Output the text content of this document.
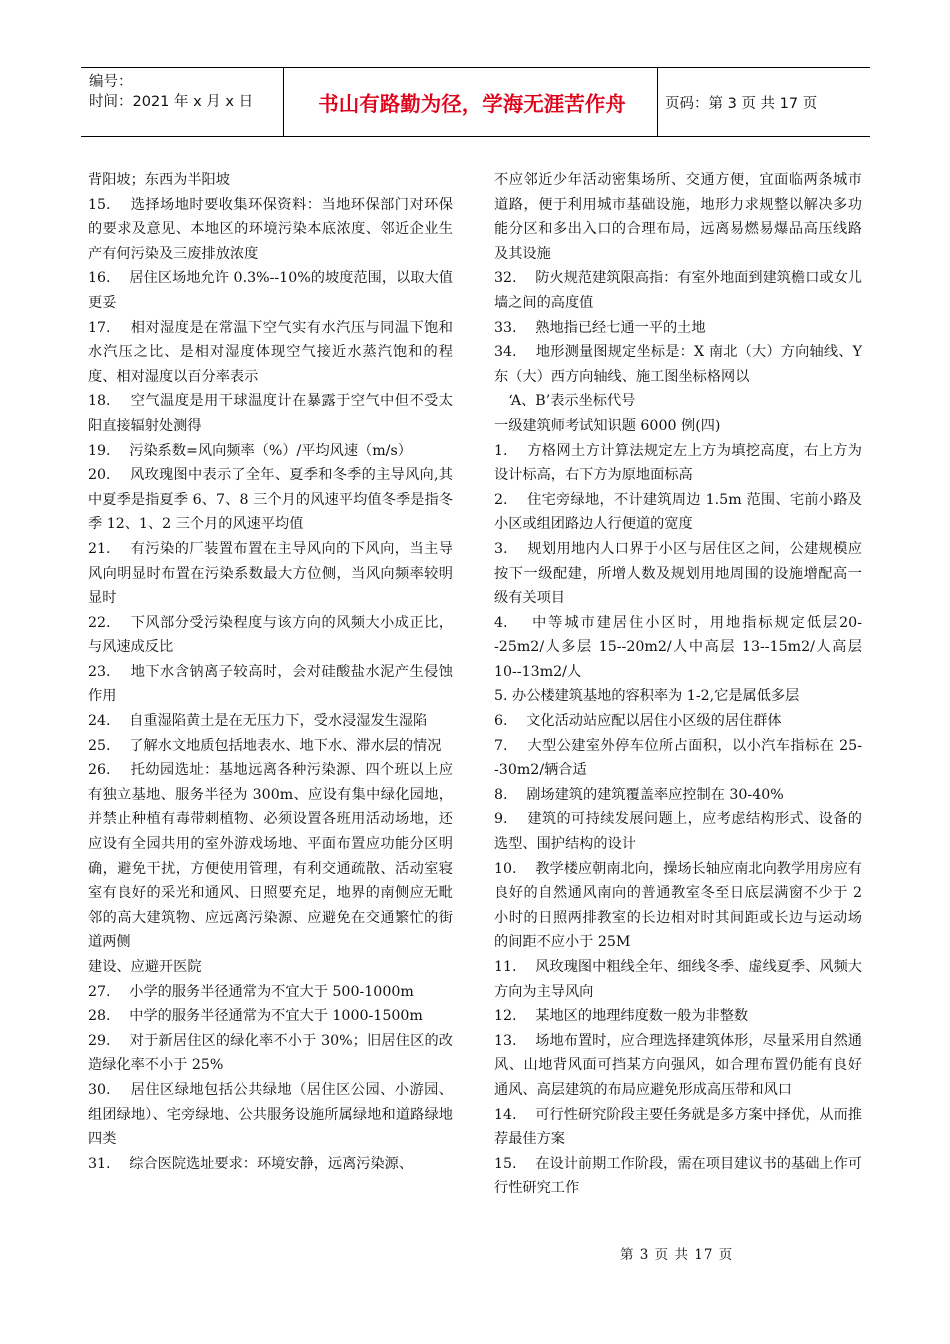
编号：
时间：2021 年 x 月 x 日	书山有路勤为径，学海无涯苦作舟	页码：第 3 页 共 17 页

背阳坡；东西为半阳坡

15.　 选择场地时要收集环保资料：当地环保部门对环保的要求及意见、本地区的环境污染本底浓度、邻近企业生产有何污染及三废排放浓度

16.　 居住区场地允许 0.3%--10%的坡度范围，以取大值更妥

17.　 相对湿度是在常温下空气实有水汽压与同温下饱和水汽压之比、是相对湿度体现空气接近水蒸汽饱和的程度、相对湿度以百分率表示

18.　 空气温度是用干球温度计在暴露于空气中但不受太阳直接辐射处测得

19.　 污染系数=风向频率（%）/平均风速（m/s）

20.　 风玫瑰图中表示了全年、夏季和冬季的主导风向,其中夏季是指夏季 6、7、8 三个月的风速平均值冬季是指冬季 12、1、2 三个月的风速平均值

21.　 有污染的厂装置布置在主导风向的下风向，当主导风向明显时布置在污染系数最大方位侧，当风向频率较明显时

22.　 下风部分受污染程度与该方向的风频大小成正比，与风速成反比

23.　 地下水含钠离子较高时，会对硅酸盐水泥产生侵蚀作用

24.　 自重湿陷黄土是在无压力下，受水浸湿发生湿陷

25.　 了解水文地质包括地表水、地下水、滞水层的情况

26.　 托幼园选址：基地远离各种污染源、四个班以上应有独立基地、服务半径为 300m、应设有集中绿化园地，并禁止种植有毒带刺植物、必须设置各班用活动场地，还应设有全园共用的室外游戏场地、平面布置应功能分区明确，避免干扰，方便使用管理，有利交通疏散、活动室寝室有良好的采光和通风、日照要充足，地界的南侧应无毗邻的高大建筑物、应远离污染源、应避免在交通繁忙的街道两侧

建设、应避开医院

27.　 小学的服务半径通常为不宜大于 500-1000m

28.　 中学的服务半径通常为不宜大于 1000-1500m

29.　 对于新居住区的绿化率不小于 30%；旧居住区的改造绿化率不小于 25%

30.　 居住区绿地包括公共绿地（居住区公园、小游园、组团绿地）、宅旁绿地、公共服务设施所属绿地和道路绿地四类

31.　 综合医院选址要求：环境安静，远离污染源、

不应邻近少年活动密集场所、交通方便，宜面临两条城市道路，便于利用城市基础设施，地形力求规整以解决多功能分区和多出入口的合理布局，远离易燃易爆品高压线路及其设施

32.　 防火规范建筑限高指：有室外地面到建筑檐口或女儿墙之间的高度值

33.　 熟地指已经七通一平的土地

34.　 地形测量图规定坐标是：X 南北（大）方向轴线、Y 东（大）西方向轴线、施工图坐标格网以

　‘A、B’表示坐标代号

一级建筑师考试知识题 6000 例(四)

1.　 方格网土方计算法规定左上方为填挖高度，右上方为设计标高，右下方为原地面标高

2.　 住宅旁绿地，不计建筑周边 1.5m 范围、宅前小路及小区或组团路边人行便道的宽度

3.　 规划用地内人口界于小区与居住区之间，公建规模应按下一级配建，所增人数及规划用地周围的设施增配高一级有关项目

4.　 中等城市建居住小区时，用地指标规定低层20--25m2/人多层 15--20m2/人中高层 13--15m2/人高层 10--13m2/人

5. 办公楼建筑基地的容积率为 1-2,它是属低多层

6.　 文化活动站应配以居住小区级的居住群体

7.　 大型公建室外停车位所占面积，以小汽车指标在 25--30m2/辆合适

8.　 剧场建筑的建筑覆盖率应控制在 30-40%

9.　 建筑的可持续发展问题上，应考虑结构形式、设备的选型、围护结构的设计

10.　 教学楼应朝南北向，操场长轴应南北向教学用房应有良好的自然通风南向的普通教室冬至日底层满窗不少于 2 小时的日照两排教室的长边相对时其间距或长边与运动场的间距不应小于 25M

11.　 风玫瑰图中粗线全年、细线冬季、虚线夏季、风频大方向为主导风向

12.　 某地区的地理纬度数一般为非整数

13.　 场地布置时，应合理选择建筑体形，尽量采用自然通风、山地背风面可挡某方向强风，如合理布置仍能有良好通风、高层建筑的布局应避免形成高压带和风口

14.　 可行性研究阶段主要任务就是多方案中择优，从而推荐最佳方案

15.　 在设计前期工作阶段，需在项目建议书的基础上作可行性研究工作

第 3 页 共 17 页
